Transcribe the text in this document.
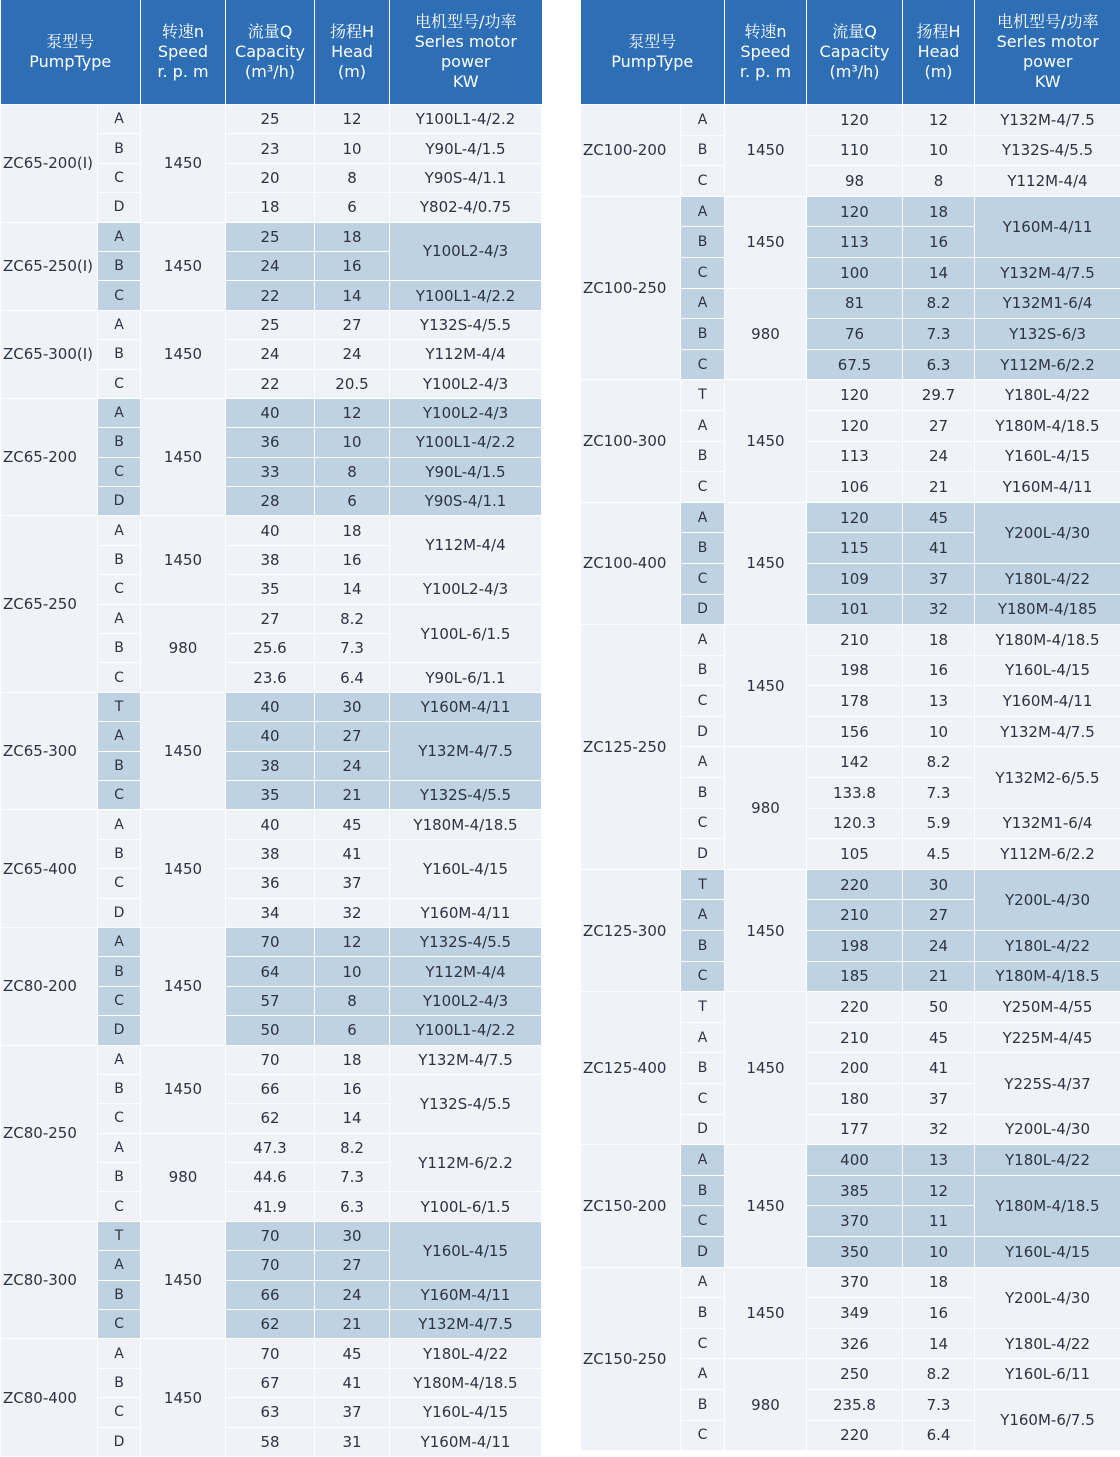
泵型号
PumpType		转速n
Speed
r. p. m	流量Q
Capacity
(m³/h)	扬程H
Head
(m)	电机型号/功率
Serles motor
power
KW

ZC65-200(I)	A	1450	25	12	Y100L1-4/2.2
	B		23	10	Y90L-4/1.5
	C		20	8	Y90S-4/1.1
	D		18	6	Y802-4/0.75
ZC65-250(I)	A	1450	25	18	Y100L2-4/3
	B		24	16	
	C		22	14	Y100L1-4/2.2
ZC65-300(I)	A	1450	25	27	Y132S-4/5.5
	B		24	24	Y112M-4/4
	C		22	20.5	Y100L2-4/3
ZC65-200	A	1450	40	12	Y100L2-4/3
	B		36	10	Y100L1-4/2.2
	C		33	8	Y90L-4/1.5
	D		28	6	Y90S-4/1.1
ZC65-250	A	1450	40	18	Y112M-4/4
	B		38	16	
	C		35	14	Y100L2-4/3
	A	980	27	8.2	Y100L-6/1.5
	B		25.6	7.3	
	C		23.6	6.4	Y90L-6/1.1
ZC65-300	T	1450	40	30	Y160M-4/11
	A		40	27	Y132M-4/7.5
	B		38	24	
	C		35	21	Y132S-4/5.5
ZC65-400	A	1450	40	45	Y180M-4/18.5
	B		38	41	Y160L-4/15
	C		36	37	
	D		34	32	Y160M-4/11
ZC80-200	A	1450	70	12	Y132S-4/5.5
	B		64	10	Y112M-4/4
	C		57	8	Y100L2-4/3
	D		50	6	Y100L1-4/2.2
ZC80-250	A	1450	70	18	Y132M-4/7.5
	B		66	16	Y132S-4/5.5
	C		62	14	
	A	980	47.3	8.2	Y112M-6/2.2
	B		44.6	7.3	
	C		41.9	6.3	Y100L-6/1.5
ZC80-300	T	1450	70	30	Y160L-4/15
	A		70	27	
	B		66	24	Y160M-4/11
	C		62	21	Y132M-4/7.5
ZC80-400	A	1450	70	45	Y180L-4/22
	B		67	41	Y180M-4/18.5
	C		63	37	Y160L-4/15
	D		58	31	Y160M-4/11
泵型号
PumpType		转速n
Speed
r. p. m	流量Q
Capacity
(m³/h)	扬程H
Head
(m)	电机型号/功率
Serles motor
power
KW

ZC100-200	A	1450	120	12	Y132M-4/7.5
	B		110	10	Y132S-4/5.5
	C		98	8	Y112M-4/4
ZC100-250	A	1450	120	18	Y160M-4/11
	B		113	16	
	C		100	14	Y132M-4/7.5
	A	980	81	8.2	Y132M1-6/4
	B		76	7.3	Y132S-6/3
	C		67.5	6.3	Y112M-6/2.2
ZC100-300	T	1450	120	29.7	Y180L-4/22
	A		120	27	Y180M-4/18.5
	B		113	24	Y160L-4/15
	C		106	21	Y160M-4/11
ZC100-400	A	1450	120	45	Y200L-4/30
	B		115	41	
	C		109	37	Y180L-4/22
	D		101	32	Y180M-4/185
ZC125-250	A	1450	210	18	Y180M-4/18.5
	B		198	16	Y160L-4/15
	C		178	13	Y160M-4/11
	D		156	10	Y132M-4/7.5
	A	980	142	8.2	Y132M2-6/5.5
	B		133.8	7.3	
	C		120.3	5.9	Y132M1-6/4
	D		105	4.5	Y112M-6/2.2
ZC125-300	T	1450	220	30	Y200L-4/30
	A		210	27	
	B		198	24	Y180L-4/22
	C		185	21	Y180M-4/18.5
ZC125-400	T	1450	220	50	Y250M-4/55
	A		210	45	Y225M-4/45
	B		200	41	Y225S-4/37
	C		180	37	
	D		177	32	Y200L-4/30
ZC150-200	A	1450	400	13	Y180L-4/22
	B		385	12	Y180M-4/18.5
	C		370	11	
	D		350	10	Y160L-4/15
ZC150-250	A	1450	370	18	Y200L-4/30
	B		349	16	
	C		326	14	Y180L-4/22
	A	980	250	8.2	Y160L-6/11
	B		235.8	7.3	Y160M-6/7.5
	C		220	6.4	
